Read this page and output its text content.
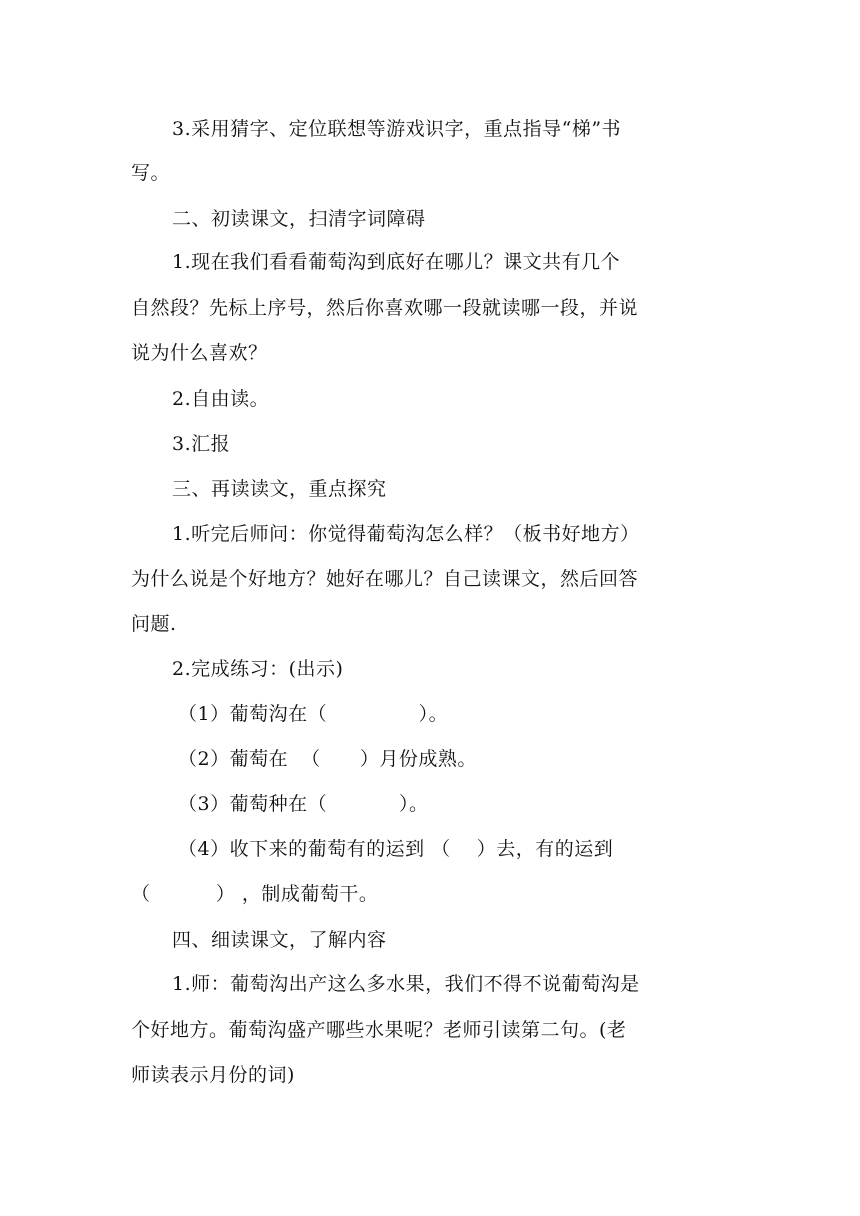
3.采用猜字、定位联想等游戏识字，重点指导“梯”书
写。
二、初读课文，扫清字词障碍
1.现在我们看看葡萄沟到底好在哪儿？课文共有几个
自然段？先标上序号，然后你喜欢哪一段就读哪一段，并说
说为什么喜欢？
2.自由读。
3.汇报
三、再读读文，重点探究
1.听完后师问：你觉得葡萄沟怎么样？（板书好地方）
为什么说是个好地方？她好在哪儿？自己读课文，然后回答
问题.
2.完成练习：(出示)
（1）葡萄沟在（              ）。
（2）葡萄在  （      ）月份成熟。
（3）葡萄种在（           ）。
（4）收下来的葡萄有的运到 （    ）去，有的运到
（          ） ，制成葡萄干。
四、细读课文，了解内容
1.师：葡萄沟出产这么多水果，我们不得不说葡萄沟是
个好地方。葡萄沟盛产哪些水果呢？老师引读第二句。(老
师读表示月份的词)
